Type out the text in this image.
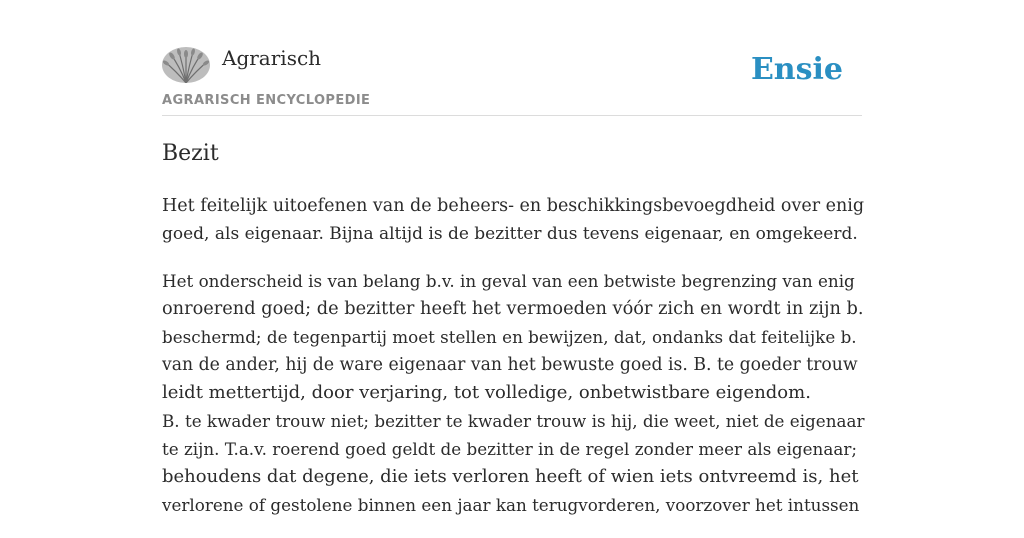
Agrarisch
AGRARISCH ENCYCLOPEDIE
Ensie
Bezit

Het feitelijk uitoefenen van de beheers- en beschikkingsbevoegdheid over enig
goed, als eigenaar. Bijna altijd is de bezitter dus tevens eigenaar, en omgekeerd.

Het onderscheid is van belang b.v. in geval van een betwiste begrenzing van enig
onroerend goed; de bezitter heeft het vermoeden vóór zich en wordt in zijn b.
beschermd; de tegenpartij moet stellen en bewijzen, dat, ondanks dat feitelijke b.
van de ander, hij de ware eigenaar van het bewuste goed is. B. te goeder trouw
leidt mettertijd, door verjaring, tot volledige, onbetwistbare eigendom.
B. te kwader trouw niet; bezitter te kwader trouw is hij, die weet, niet de eigenaar
te zijn. T.a.v. roerend goed geldt de bezitter in de regel zonder meer als eigenaar;
behoudens dat degene, die iets verloren heeft of wien iets ontvreemd is, het
verlorene of gestolene binnen een jaar kan terugvorderen, voorzover het intussen
